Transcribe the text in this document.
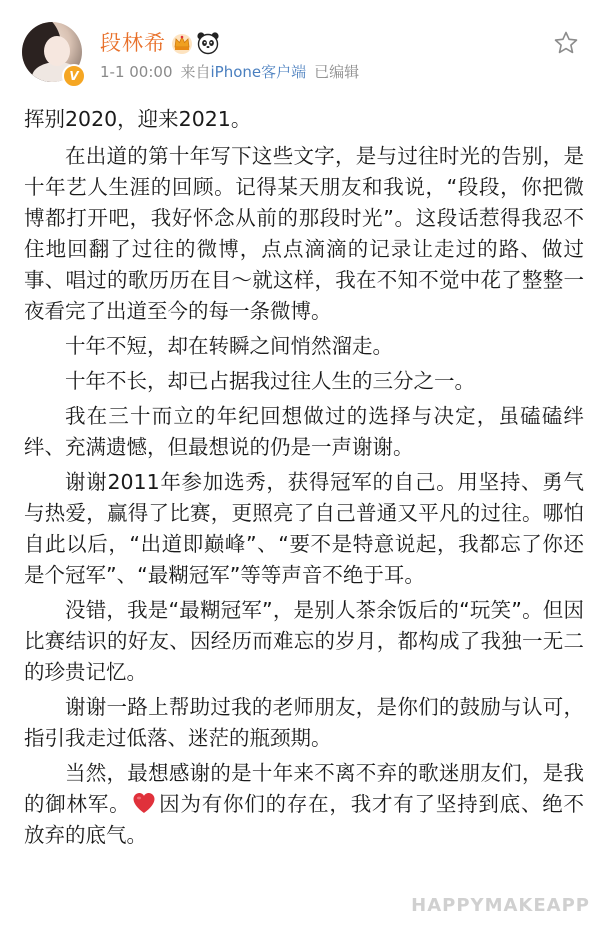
V
段林希
1-1 00:00 来自iPhone客户端 已编辑

挥别2020，迎来2021。

在出道的第十年写下这些文字，是与过往时光的告别，是十年艺人生涯的回顾。记得某天朋友和我说，“段段，你把微博都打开吧，我好怀念从前的那段时光”。这段话惹得我忍不住地回翻了过往的微博，点点滴滴的记录让走过的路、做过事、唱过的歌历历在目～就这样，我在不知不觉中花了整整一夜看完了出道至今的每一条微博。

十年不短，却在转瞬之间悄然溜走。

十年不长，却已占据我过往人生的三分之一。

我在三十而立的年纪回想做过的选择与决定，虽磕磕绊绊、充满遗憾，但最想说的仍是一声谢谢。

谢谢2011年参加选秀，获得冠军的自己。用坚持、勇气与热爱，赢得了比赛，更照亮了自己普通又平凡的过往。哪怕自此以后，“出道即巅峰”、“要不是特意说起，我都忘了你还是个冠军”、“最糊冠军”等等声音不绝于耳。

没错，我是“最糊冠军”，是别人茶余饭后的“玩笑”。但因比赛结识的好友、因经历而难忘的岁月，都构成了我独一无二的珍贵记忆。

谢谢一路上帮助过我的老师朋友，是你们的鼓励与认可，指引我走过低落、迷茫的瓶颈期。

当然，最想感谢的是十年来不离不弃的歌迷朋友们，是我的御林军。 因为有你们的存在，我才有了坚持到底、绝不放弃的底气。

HAPPYMAKEAPP
